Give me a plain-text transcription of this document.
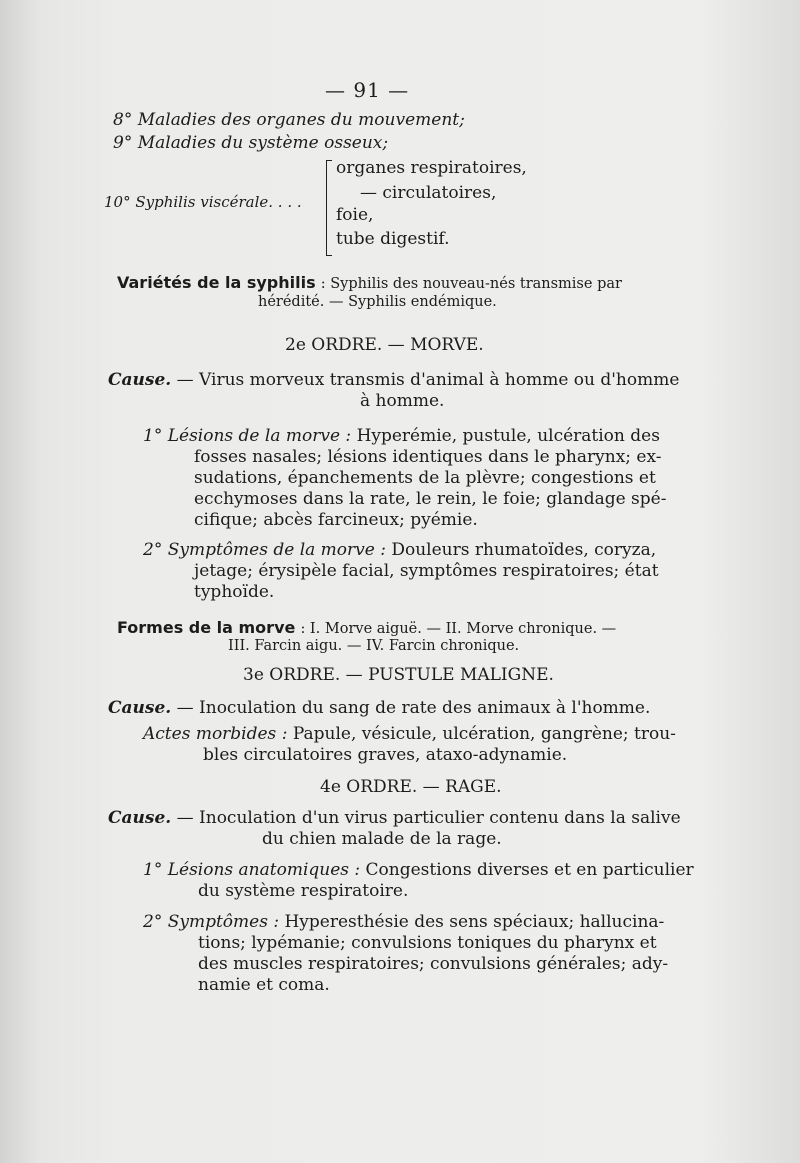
— 91 —
8° Maladies des organes du mouvement;
9° Maladies du système osseux;
10° Syphilis viscérale. . . .
organes respiratoires,
— circulatoires,
foie,
tube digestif.
Variétés de la syphilis : Syphilis des nouveau-nés transmise par
hérédité. — Syphilis endémique.
2e ORDRE. — MORVE.
Cause. — Virus morveux transmis d'animal à homme ou d'homme
à homme.
1° Lésions de la morve : Hyperémie, pustule, ulcération des
fosses nasales; lésions identiques dans le pharynx; ex-
sudations, épanchements de la plèvre; congestions et
ecchymoses dans la rate, le rein, le foie; glandage spé-
cifique; abcès farcineux; pyémie.
2° Symptômes de la morve : Douleurs rhumatoïdes, coryza,
jetage; érysipèle facial, symptômes respiratoires; état
typhoïde.
Formes de la morve : I. Morve aiguë. — II. Morve chronique. —
III. Farcin aigu. — IV. Farcin chronique.
3e ORDRE. — PUSTULE MALIGNE.
Cause. — Inoculation du sang de rate des animaux à l'homme.
Actes morbides : Papule, vésicule, ulcération, gangrène; trou-
bles circulatoires graves, ataxo-adynamie.
4e ORDRE. — RAGE.
Cause. — Inoculation d'un virus particulier contenu dans la salive
du chien malade de la rage.
1° Lésions anatomiques : Congestions diverses et en particulier
du système respiratoire.
2° Symptômes : Hyperesthésie des sens spéciaux; hallucina-
tions; lypémanie; convulsions toniques du pharynx et
des muscles respiratoires; convulsions générales; ady-
namie et coma.
